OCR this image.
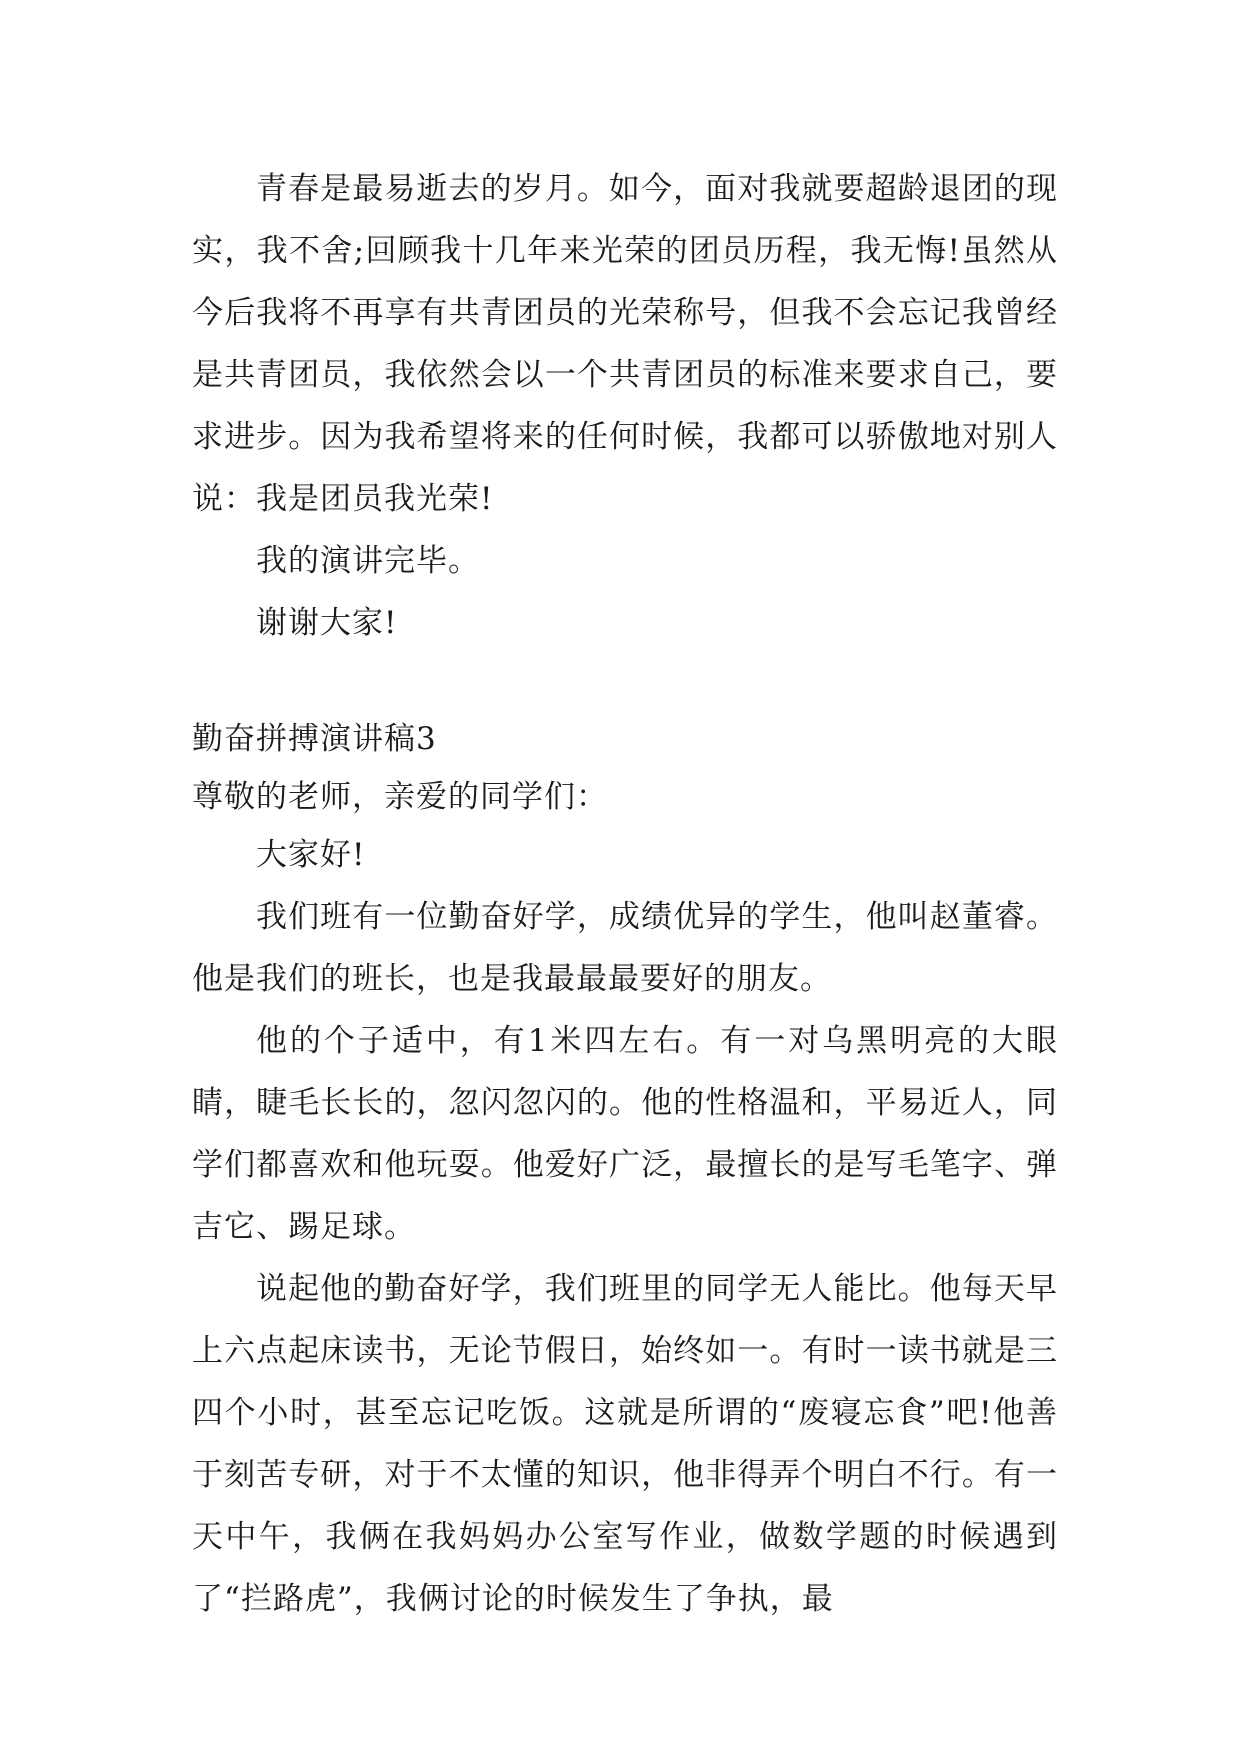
青春是最易逝去的岁月。如今，面对我就要超龄退团的现实，我不舍;回顾我十几年来光荣的团员历程，我无悔!虽然从今后我将不再享有共青团员的光荣称号，但我不会忘记我曾经是共青团员，我依然会以一个共青团员的标准来要求自己，要求进步。因为我希望将来的任何时候，我都可以骄傲地对别人说：我是团员我光荣!

我的演讲完毕。

谢谢大家!

勤奋拼搏演讲稿3

尊敬的老师，亲爱的同学们：

大家好!

我们班有一位勤奋好学，成绩优异的学生，他叫赵董睿。他是我们的班长，也是我最最最要好的朋友。

他的个子适中，有1米四左右。有一对乌黑明亮的大眼睛，睫毛长长的，忽闪忽闪的。他的性格温和，平易近人，同学们都喜欢和他玩耍。他爱好广泛，最擅长的是写毛笔字、弹吉它、踢足球。

说起他的勤奋好学，我们班里的同学无人能比。他每天早上六点起床读书，无论节假日，始终如一。有时一读书就是三四个小时，甚至忘记吃饭。这就是所谓的“废寝忘食”吧!他善于刻苦专研，对于不太懂的知识，他非得弄个明白不行。有一天中午，我俩在我妈妈办公室写作业，做数学题的时候遇到了“拦路虎”，我俩讨论的时候发生了争执，最
